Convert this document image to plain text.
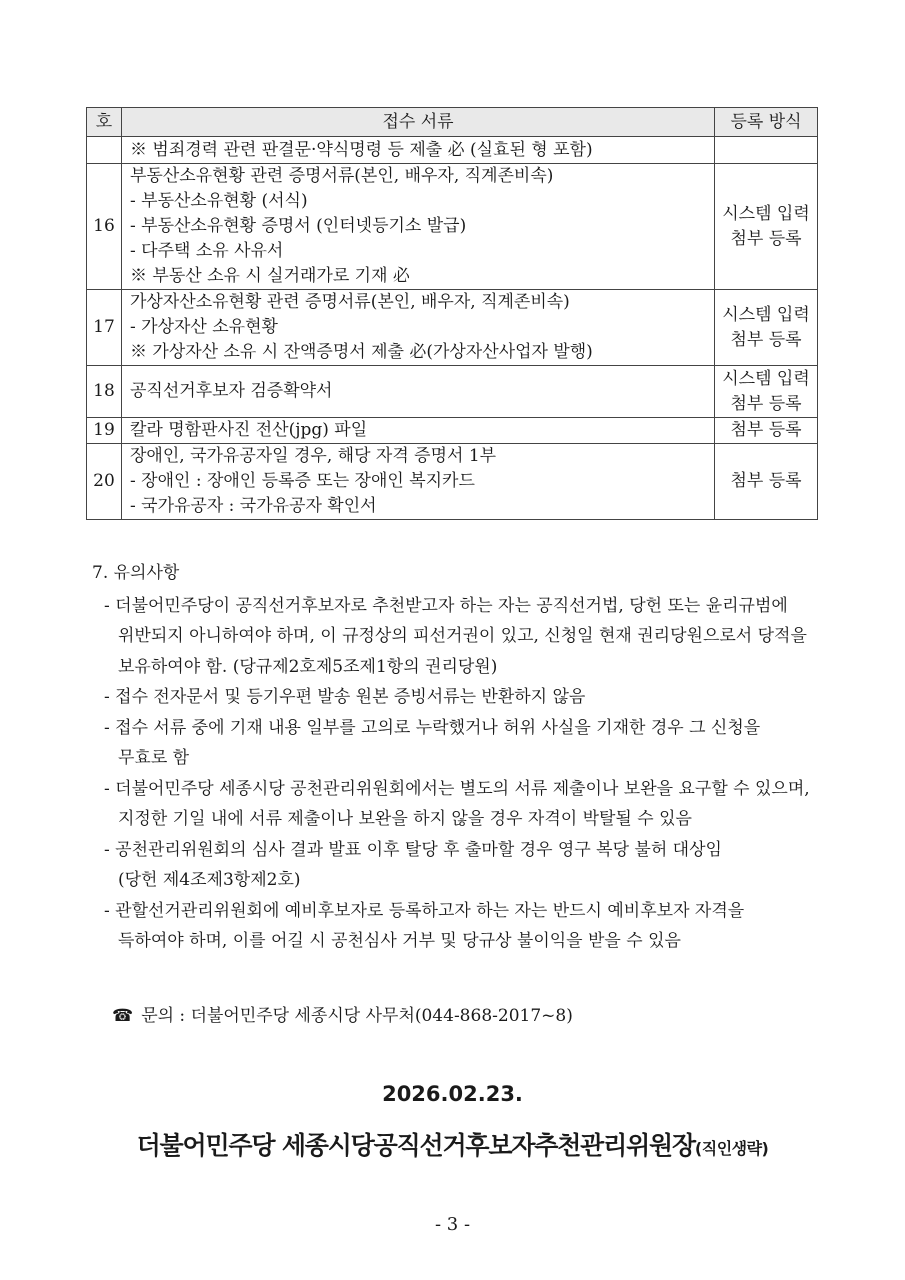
호	접수 서류	등록 방식

	※ 범죄경력 관련 판결문·약식명령 등 제출 必 (실효된 형 포함)	

16	부동산소유현황 관련 증명서류(본인, 배우자, 직계존비속)
- 부동산소유현황 (서식)
- 부동산소유현황 증명서 (인터넷등기소 발급)
- 다주택 소유 사유서
※ 부동산 소유 시 실거래가로 기재 必	시스템 입력
첨부 등록
17	가상자산소유현황 관련 증명서류(본인, 배우자, 직계존비속)
- 가상자산 소유현황
※ 가상자산 소유 시 잔액증명서 제출 必(가상자산사업자 발행)	시스템 입력
첨부 등록
18	공직선거후보자 검증확약서	시스템 입력
첨부 등록
19	칼라 명함판사진 전산(jpg) 파일	첨부 등록
20	장애인, 국가유공자일 경우, 해당 자격 증명서 1부
- 장애인 : 장애인 등록증 또는 장애인 복지카드
- 국가유공자 : 국가유공자 확인서	첨부 등록
7. 유의사항
- 더불어민주당이 공직선거후보자로 추천받고자 하는 자는 공직선거법, 당헌 또는 윤리규범에
위반되지 아니하여야 하며, 이 규정상의 피선거권이 있고, 신청일 현재 권리당원으로서 당적을
보유하여야 함. (당규제2호제5조제1항의 권리당원)
- 접수 전자문서 및 등기우편 발송 원본 증빙서류는 반환하지 않음
- 접수 서류 중에 기재 내용 일부를 고의로 누락했거나 허위 사실을 기재한 경우 그 신청을
무효로 함
- 더불어민주당 세종시당 공천관리위원회에서는 별도의 서류 제출이나 보완을 요구할 수 있으며,
지정한 기일 내에 서류 제출이나 보완을 하지 않을 경우 자격이 박탈될 수 있음
- 공천관리위원회의 심사 결과 발표 이후 탈당 후 출마할 경우 영구 복당 불허 대상임
(당헌 제4조제3항제2호)
- 관할선거관리위원회에 예비후보자로 등록하고자 하는 자는 반드시 예비후보자 자격을
득하여야 하며, 이를 어길 시 공천심사 거부 및 당규상 불이익을 받을 수 있음
☎ 문의 : 더불어민주당 세종시당 사무처(044-868-2017~8)
2026.02.23.
더불어민주당 세종시당공직선거후보자추천관리위원장(직인생략)
- 3 -
